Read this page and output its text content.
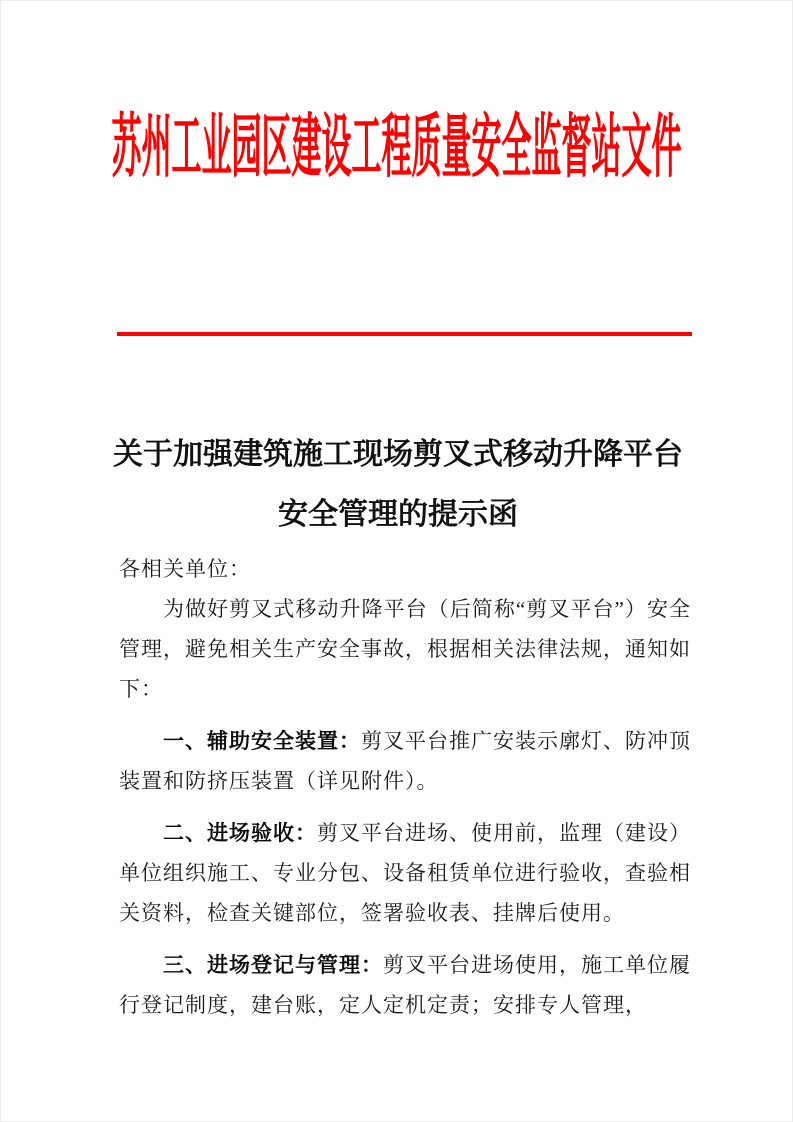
苏州工业园区建设工程质量安全监督站文件
关于加强建筑施工现场剪叉式移动升降平台
安全管理的提示函

各相关单位：

为做好剪叉式移动升降平台（后简称“剪叉平台”）安全管理，避免相关生产安全事故，根据相关法律法规，通知如下：

一、辅助安全装置：剪叉平台推广安装示廓灯、防冲顶装置和防挤压装置（详见附件）。

二、进场验收：剪叉平台进场、使用前，监理（建设）单位组织施工、专业分包、设备租赁单位进行验收，查验相关资料，检查关键部位，签署验收表、挂牌后使用。

三、进场登记与管理：剪叉平台进场使用，施工单位履行登记制度，建台账，定人定机定责；安排专人管理，
